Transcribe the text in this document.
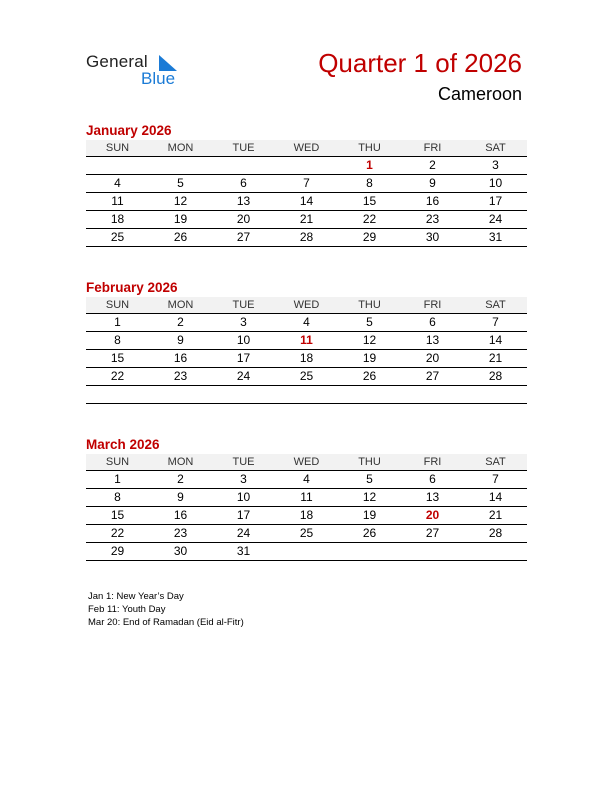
General
Blue
Quarter 1 of 2026
Cameroon
January 2026
SUN	MON	TUE	WED	THU	FRI	SAT
				1	2	3
4	5	6	7	8	9	10
11	12	13	14	15	16	17
18	19	20	21	22	23	24
25	26	27	28	29	30	31
February 2026
SUN	MON	TUE	WED	THU	FRI	SAT
1	2	3	4	5	6	7
8	9	10	11	12	13	14
15	16	17	18	19	20	21
22	23	24	25	26	27	28

March 2026
SUN	MON	TUE	WED	THU	FRI	SAT
1	2	3	4	5	6	7
8	9	10	11	12	13	14
15	16	17	18	19	20	21
22	23	24	25	26	27	28
29	30	31				
Jan 1: New Year’s Day
Feb 11: Youth Day
Mar 20: End of Ramadan (Eid al-Fitr)
